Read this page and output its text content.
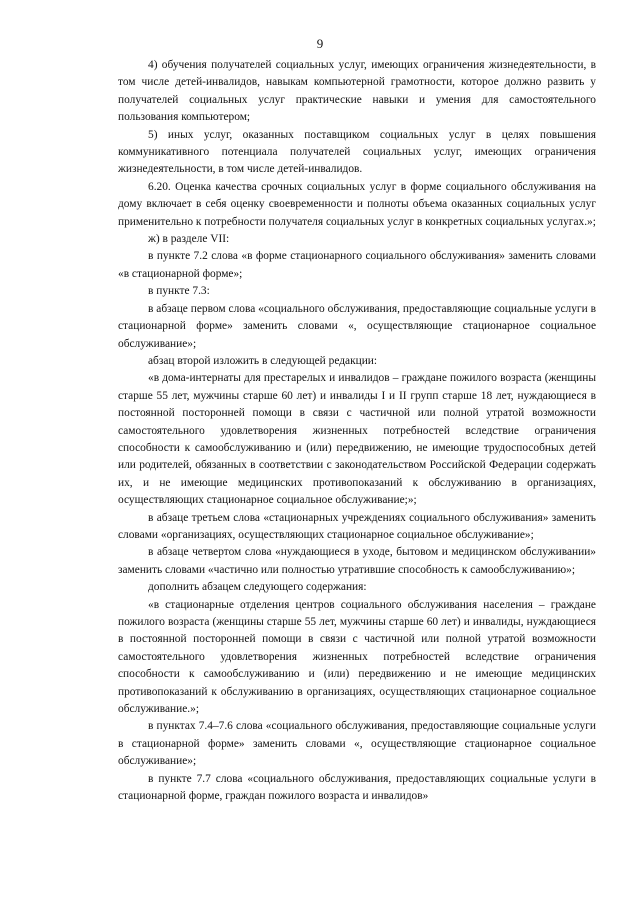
9

4) обучения получателей социальных услуг, имеющих ограничения жизнедеятельности, в том числе детей-инвалидов, навыкам компьютерной грамотности, которое должно развить у получателей социальных услуг практические навыки и умения для самостоятельного пользования компьютером;

5) иных услуг, оказанных поставщиком социальных услуг в целях повышения коммуникативного потенциала получателей социальных услуг, имеющих ограничения жизнедеятельности, в том числе детей-инвалидов.

6.20. Оценка качества срочных социальных услуг в форме социального обслуживания на дому включает в себя оценку своевременности и полноты объема оказанных социальных услуг применительно к потребности получателя социальных услуг в конкретных социальных услугах.»;

ж) в разделе VII:

в пункте 7.2 слова «в форме стационарного социального обслуживания» заменить словами «в стационарной форме»;

в пункте 7.3:

в абзаце первом слова «социального обслуживания, предоставляющие социальные услуги в стационарной форме» заменить словами «, осуществляющие стационарное социальное обслуживание»;

абзац второй изложить в следующей редакции:

«в дома-интернаты для престарелых и инвалидов – граждане пожилого возраста (женщины старше 55 лет, мужчины старше 60 лет) и инвалиды I и II групп старше 18 лет, нуждающиеся в постоянной посторонней помощи в связи с частичной или полной утратой возможности самостоятельного удовлетворения жизненных потребностей вследствие ограничения способности к самообслуживанию и (или) передвижению, не имеющие трудоспособных детей или родителей, обязанных в соответствии с законодательством Российской Федерации содержать их, и не имеющие медицинских противопоказаний к обслуживанию в организациях, осуществляющих стационарное социальное обслуживание;»;

в абзаце третьем слова «стационарных учреждениях социального обслуживания» заменить словами «организациях, осуществляющих стационарное социальное обслуживание»;

в абзаце четвертом слова «нуждающиеся в уходе, бытовом и медицинском обслуживании» заменить словами «частично или полностью утратившие способность к самообслуживанию»;

дополнить абзацем следующего содержания:

«в стационарные отделения центров социального обслуживания населения – граждане пожилого возраста (женщины старше 55 лет, мужчины старше 60 лет) и инвалиды, нуждающиеся в постоянной посторонней помощи в связи с частичной или полной утратой возможности самостоятельного удовлетворения жизненных потребностей вследствие ограничения способности к самообслуживанию и (или) передвижению и не имеющие медицинских противопоказаний к обслуживанию в организациях, осуществляющих стационарное социальное обслуживание.»;

в пунктах 7.4–7.6 слова «социального обслуживания, предоставляющие социальные услуги в стационарной форме» заменить словами «, осуществляющие стационарное социальное обслуживание»;

в пункте 7.7 слова «социального обслуживания, предоставляющих социальные услуги в стационарной форме, граждан пожилого возраста и инвалидов»
